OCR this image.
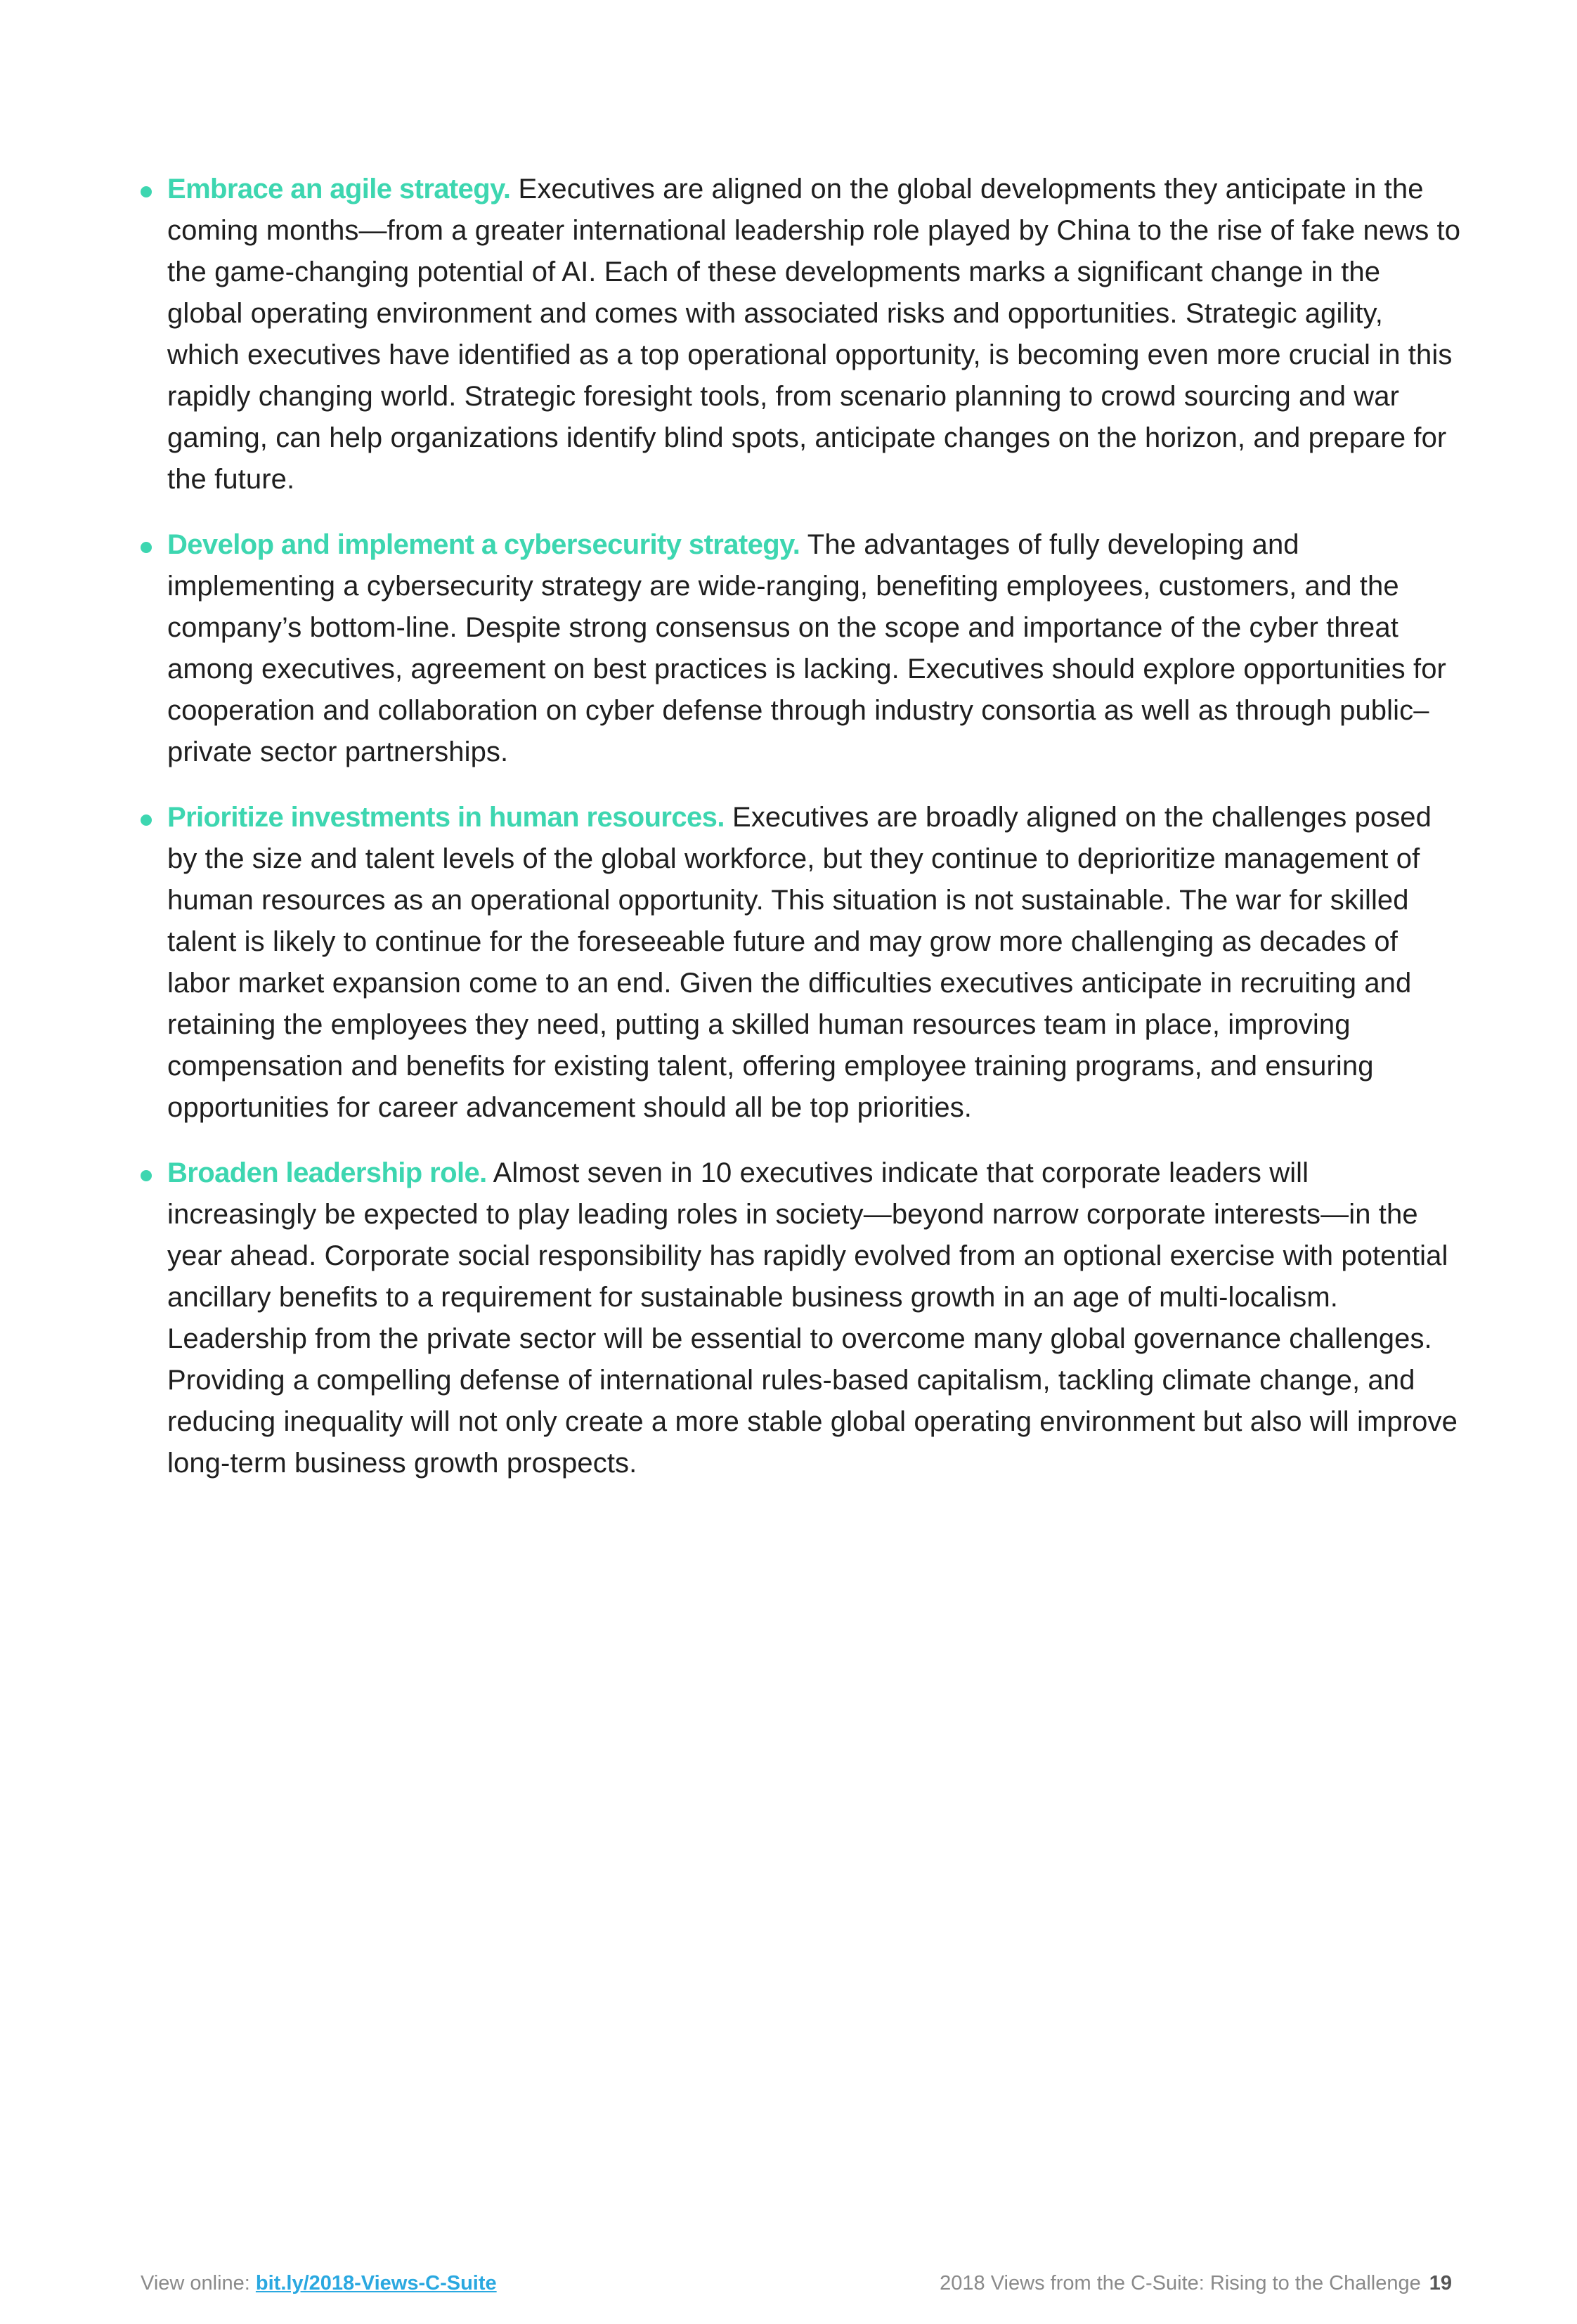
Embrace an agile strategy. Executives are aligned on the global developments they anticipate in the coming months—from a greater international leadership role played by China to the rise of fake news to the game-changing potential of AI. Each of these developments marks a significant change in the global operating environment and comes with associated risks and opportunities. Strategic agility, which executives have identified as a top operational opportunity, is becoming even more crucial in this rapidly changing world. Strategic foresight tools, from scenario planning to crowd sourcing and war gaming, can help organizations identify blind spots, anticipate changes on the horizon, and prepare for the future.
Develop and implement a cybersecurity strategy. The advantages of fully developing and implementing a cybersecurity strategy are wide-ranging, benefiting employees, customers, and the company’s bottom-line. Despite strong consensus on the scope and importance of the cyber threat among executives, agreement on best practices is lacking. Executives should explore opportunities for cooperation and collaboration on cyber defense through industry consortia as well as through public–private sector partnerships.
Prioritize investments in human resources. Executives are broadly aligned on the challenges posed by the size and talent levels of the global workforce, but they continue to deprioritize management of human resources as an operational opportunity. This situation is not sustainable. The war for skilled talent is likely to continue for the foreseeable future and may grow more challenging as decades of labor market expansion come to an end. Given the difficulties executives anticipate in recruiting and retaining the employees they need, putting a skilled human resources team in place, improving compensation and benefits for existing talent, offering employee training programs, and ensuring opportunities for career advancement should all be top priorities.
Broaden leadership role. Almost seven in 10 executives indicate that corporate leaders will increasingly be expected to play leading roles in society—beyond narrow corporate interests—in the year ahead. Corporate social responsibility has rapidly evolved from an optional exercise with potential ancillary benefits to a requirement for sustainable business growth in an age of multi-localism. Leadership from the private sector will be essential to overcome many global governance challenges. Providing a compelling defense of international rules-based capitalism, tackling climate change, and reducing inequality will not only create a more stable global operating environment but also will improve long-term business growth prospects.
View online: bit.ly/2018-Views-C-Suite	2018 Views from the C-Suite: Rising to the Challenge 19
